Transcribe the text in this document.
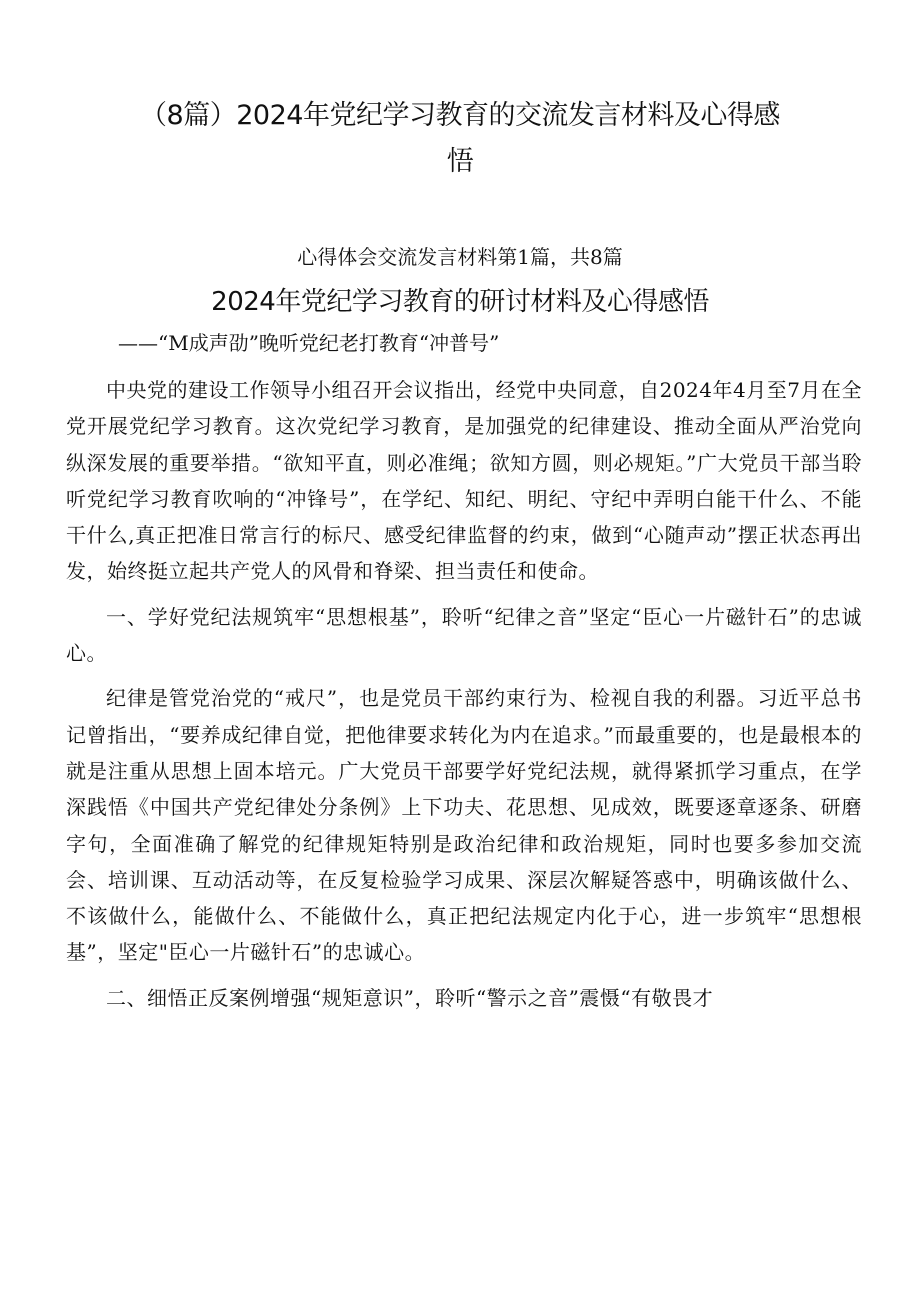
（8篇）2024年党纪学习教育的交流发言材料及心得感
悟
心得体会交流发言材料第1篇，共8篇
2024年党纪学习教育的研讨材料及心得感悟
——“M成声劭”晚听党纪老打教育“冲普号”

中央党的建设工作领导小组召开会议指出，经党中央同意，自2024年4月至7月在全党开展党纪学习教育。这次党纪学习教育，是加强党的纪律建设、推动全面从严治党向纵深发展的重要举措。“欲知平直，则必准绳；欲知方圆，则必规矩。”广大党员干部当聆听党纪学习教育吹响的“冲锋号”，在学纪、知纪、明纪、守纪中弄明白能干什么、不能干什么,真正把准日常言行的标尺、感受纪律监督的约束，做到“心随声动”摆正状态再出发，始终挺立起共产党人的风骨和脊梁、担当责任和使命。

一、学好党纪法规筑牢“思想根基”，聆听“纪律之音”坚定“臣心一片磁针石”的忠诚心。

纪律是管党治党的“戒尺”，也是党员干部约束行为、检视自我的利器。习近平总书记曾指出，“要养成纪律自觉，把他律要求转化为内在追求。”而最重要的，也是最根本的就是注重从思想上固本培元。广大党员干部要学好党纪法规，就得紧抓学习重点，在学深践悟《中国共产党纪律处分条例》上下功夫、花思想、见成效，既要逐章逐条、研磨字句，全面准确了解党的纪律规矩特别是政治纪律和政治规矩，同时也要多参加交流会、培训课、互动活动等，在反复检验学习成果、深层次解疑答惑中，明确该做什么、不该做什么，能做什么、不能做什么，真正把纪法规定内化于心，进一步筑牢“思想根基”，坚定"臣心一片磁针石”的忠诚心。

二、细悟正反案例增强“规矩意识”，聆听“警示之音”震慑“有敬畏才
